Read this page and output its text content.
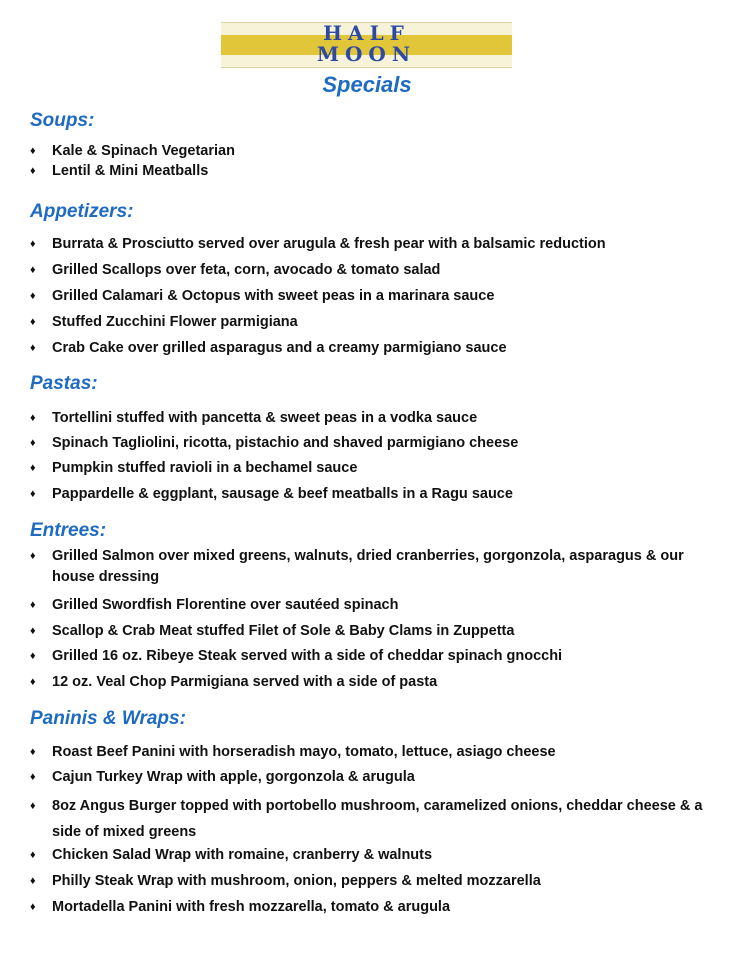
HALF
MOON
Specials
Soups:
♦ Kale & Spinach Vegetarian
♦ Lentil & Mini Meatballs
Appetizers:
♦ Burrata & Prosciutto served over arugula & fresh pear with a balsamic reduction
♦ Grilled Scallops over feta, corn, avocado & tomato salad
♦ Grilled Calamari & Octopus with sweet peas in a marinara sauce
♦ Stuffed Zucchini Flower parmigiana
♦ Crab Cake over grilled asparagus and a creamy parmigiano sauce
Pastas:
♦ Tortellini stuffed with pancetta & sweet peas in a vodka sauce
♦ Spinach Tagliolini, ricotta, pistachio and shaved parmigiano cheese
♦ Pumpkin stuffed ravioli in a bechamel sauce
♦ Pappardelle & eggplant, sausage & beef meatballs in a Ragu sauce
Entrees:
♦ Grilled Salmon over mixed greens, walnuts, dried cranberries, gorgonzola, asparagus & our house dressing
♦ Grilled Swordfish Florentine over sautéed spinach
♦ Scallop & Crab Meat stuffed Filet of Sole & Baby Clams in Zuppetta
♦ Grilled 16 oz. Ribeye Steak served with a side of cheddar spinach gnocchi
♦ 12 oz. Veal Chop Parmigiana served with a side of pasta
Paninis & Wraps:
♦ Roast Beef Panini with horseradish mayo, tomato, lettuce, asiago cheese
♦ Cajun Turkey Wrap with apple, gorgonzola & arugula
♦ 8oz Angus Burger topped with portobello mushroom, caramelized onions, cheddar cheese & a side of mixed greens
♦ Chicken Salad Wrap with romaine, cranberry & walnuts
♦ Philly Steak Wrap with mushroom, onion, peppers & melted mozzarella
♦ Mortadella Panini with fresh mozzarella, tomato & arugula
